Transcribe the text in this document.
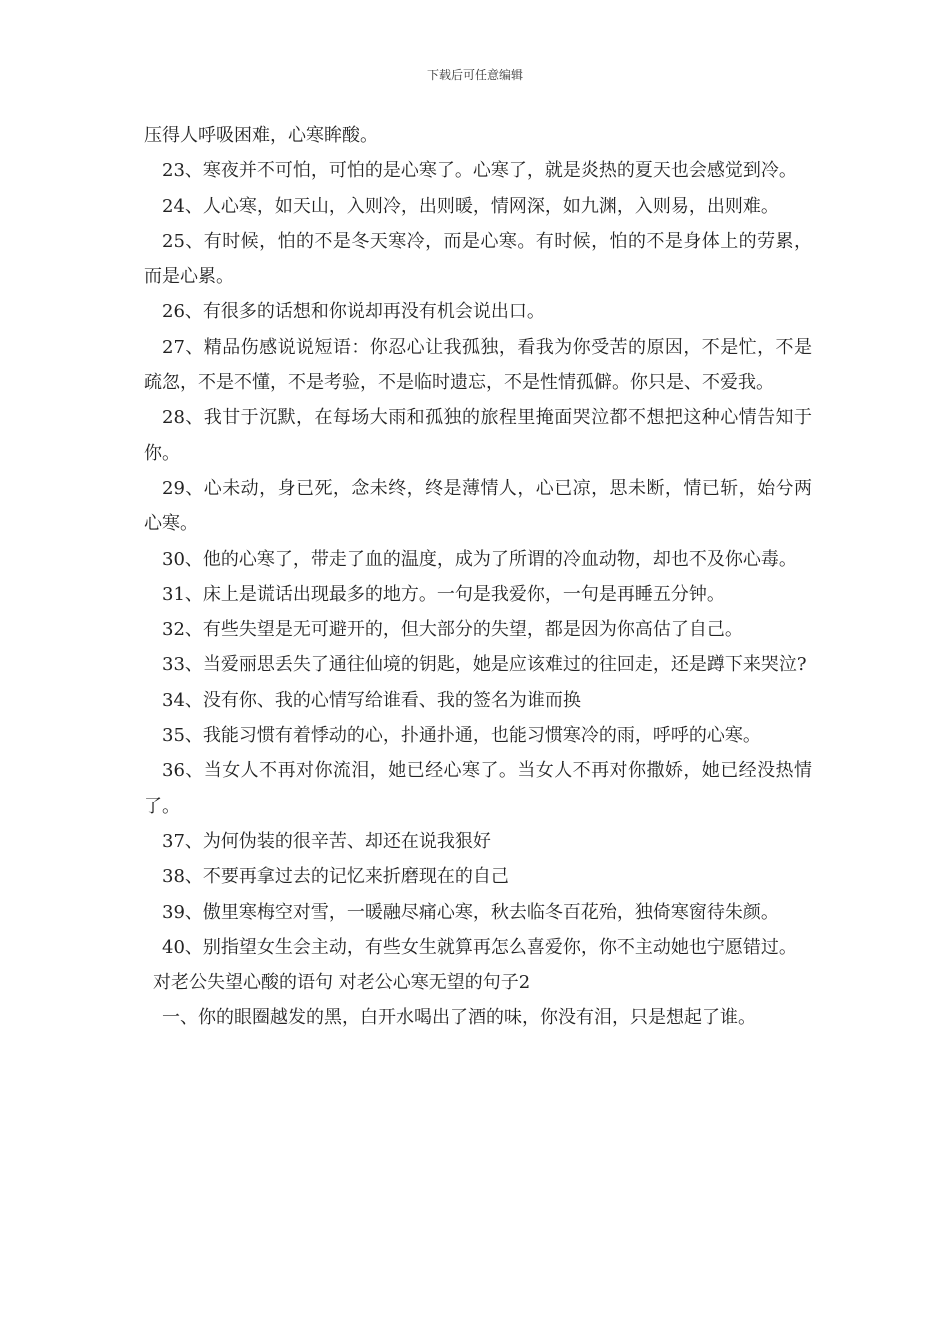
下载后可任意编辑

压得人呼吸困难，心寒眸酸。

23、寒夜并不可怕，可怕的是心寒了。心寒了，就是炎热的夏天也会感觉到冷。

24、人心寒，如天山，入则冷，出则暖，情网深，如九渊，入则易，出则难。

25、有时候，怕的不是冬天寒冷，而是心寒。有时候，怕的不是身体上的劳累，而是心累。

26、有很多的话想和你说却再没有机会说出口。

27、精品伤感说说短语：你忍心让我孤独，看我为你受苦的原因，不是忙，不是疏忽，不是不懂，不是考验，不是临时遗忘，不是性情孤僻。你只是、不爱我。

28、我甘于沉默，在每场大雨和孤独的旅程里掩面哭泣都不想把这种心情告知于你。

29、心未动，身已死，念未终，终是薄情人，心已凉，思未断，情已斩，始兮两心寒。

30、他的心寒了，带走了血的温度，成为了所谓的冷血动物，却也不及你心毒。

31、床上是谎话出现最多的地方。一句是我爱你，一句是再睡五分钟。

32、有些失望是无可避开的，但大部分的失望，都是因为你高估了自己。

33、当爱丽思丢失了通往仙境的钥匙，她是应该难过的往回走，还是蹲下来哭泣?

34、没有你、我的心情写给谁看、我的签名为谁而换

35、我能习惯有着悸动的心，扑通扑通，也能习惯寒冷的雨，呼呼的心寒。

36、当女人不再对你流泪，她已经心寒了。当女人不再对你撒娇，她已经没热情了。

37、为何伪装的很辛苦、却还在说我狠好

38、不要再拿过去的记忆来折磨现在的自己

39、傲里寒梅空对雪，一暖融尽痛心寒，秋去临冬百花殆，独倚寒窗待朱颜。

40、别指望女生会主动，有些女生就算再怎么喜爱你，你不主动她也宁愿错过。

对老公失望心酸的语句 对老公心寒无望的句子2

一、你的眼圈越发的黑，白开水喝出了酒的味，你没有泪，只是想起了谁。
